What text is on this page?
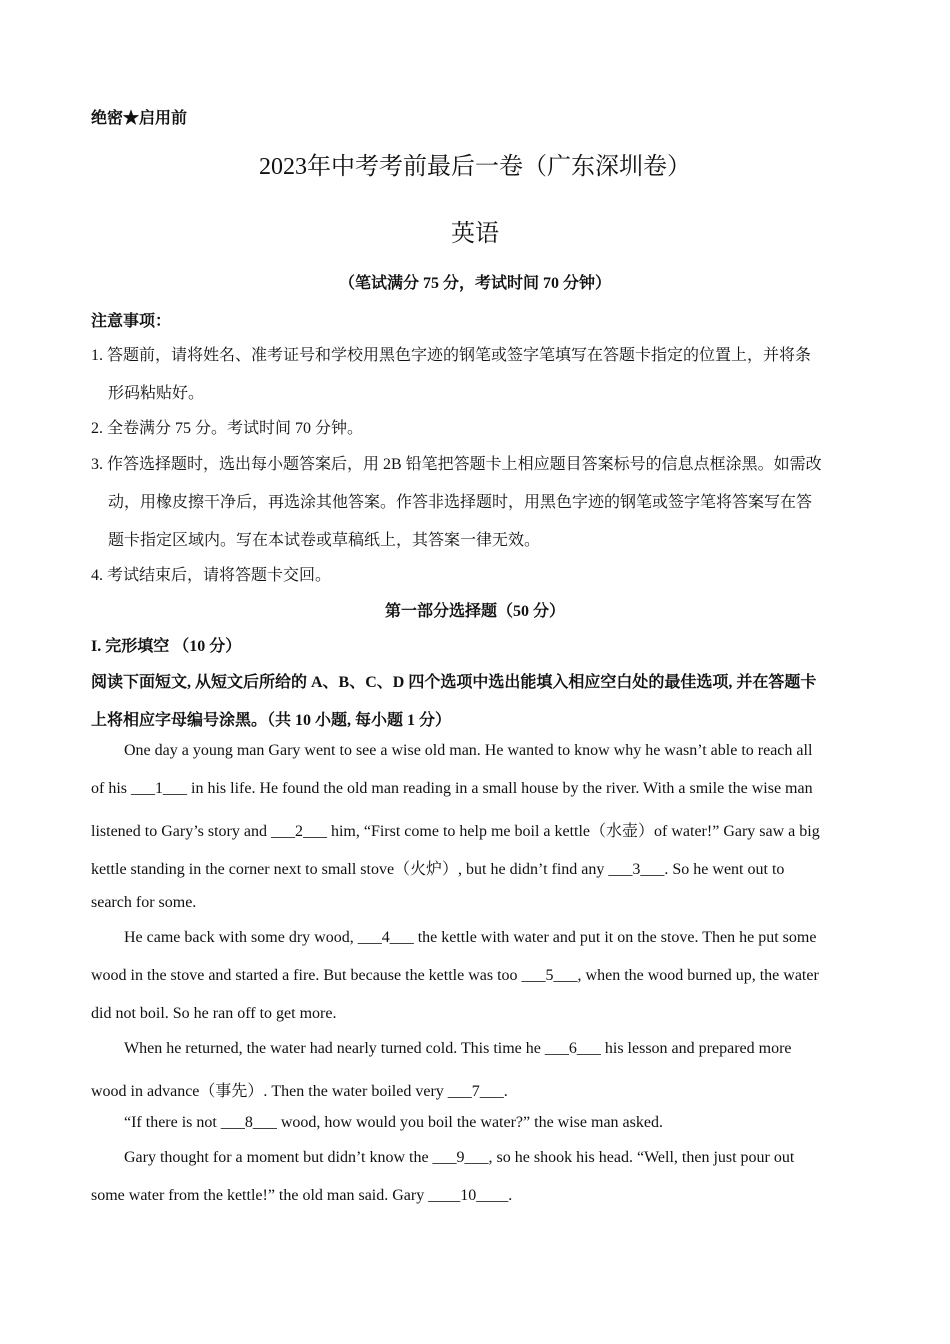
绝密★启用前

2023年中考考前最后一卷（广东深圳卷）

英语

（笔试满分 75 分，考试时间 70 分钟）

注意事项：

1. 答题前，请将姓名、准考证号和学校用黑色字迹的钢笔或签字笔填写在答题卡指定的位置上，并将条

形码粘贴好。

2. 全卷满分 75 分。考试时间 70 分钟。

3. 作答选择题时，选出每小题答案后，用 2B 铅笔把答题卡上相应题目答案标号的信息点框涂黑。如需改

动，用橡皮擦干净后，再选涂其他答案。作答非选择题时，用黑色字迹的钢笔或签字笔将答案写在答

题卡指定区域内。写在本试卷或草稿纸上，其答案一律无效。

4. 考试结束后，请将答题卡交回。

第一部分选择题（50 分）

I. 完形填空 （10 分）

阅读下面短文, 从短文后所给的 A、B、C、D 四个选项中选出能填入相应空白处的最佳选项, 并在答题卡

上将相应字母编号涂黑。（共 10 小题, 每小题 1 分）

One day a young man Gary went to see a wise old man. He wanted to know why he wasn’t able to reach all

of his ___1___ in his life. He found the old man reading in a small house by the river. With a smile the wise man

listened to Gary’s story and ___2___ him, “First come to help me boil a kettle（水壶）of water!” Gary saw a big

kettle standing in the corner next to small stove（火炉）, but he didn’t find any ___3___. So he went out to

search for some.

He came back with some dry wood, ___4___ the kettle with water and put it on the stove. Then he put some

wood in the stove and started a fire. But because the kettle was too ___5___, when the wood burned up, the water

did not boil. So he ran off to get more.

When he returned, the water had nearly turned cold. This time he ___6___ his lesson and prepared more

wood in advance（事先）. Then the water boiled very ___7___.

“If there is not ___8___ wood, how would you boil the water?” the wise man asked.

Gary thought for a moment but didn’t know the ___9___, so he shook his head. “Well, then just pour out

some water from the kettle!” the old man said. Gary ____10____.
